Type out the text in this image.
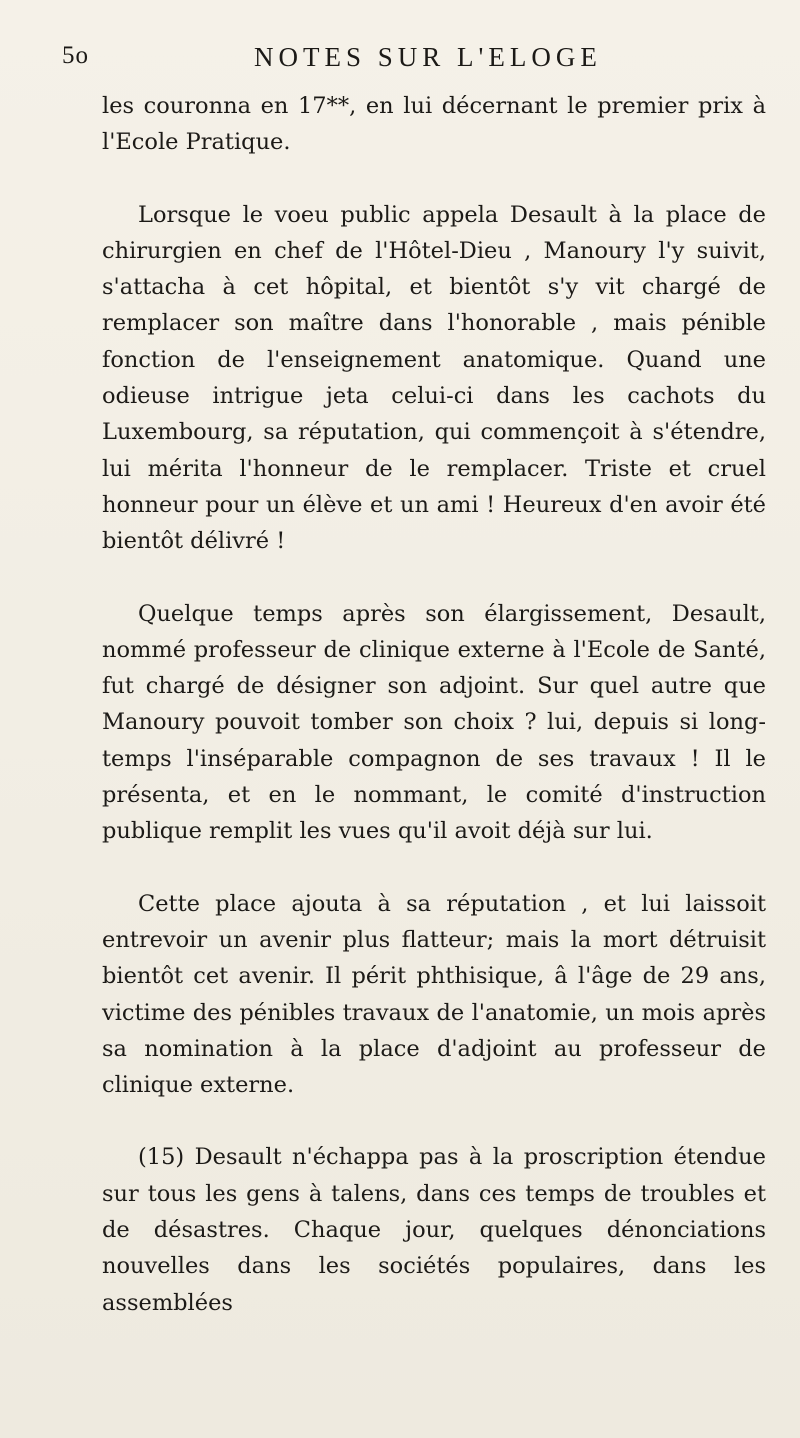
5o	NOTES SUR L'ELOGE

les couronna en 17**, en lui décernant le premier prix à l'Ecole Pratique.

Lorsque le voeu public appela Desault à la place de chirurgien en chef de l'Hôtel-Dieu , Manoury l'y suivit, s'attacha à cet hôpital, et bientôt s'y vit chargé de remplacer son maître dans l'honorable , mais pénible fonction de l'enseignement anatomique. Quand une odieuse intrigue jeta celui-ci dans les cachots du Luxembourg, sa réputation, qui commençoit à s'étendre, lui mérita l'honneur de le remplacer. Triste et cruel honneur pour un élève et un ami ! Heureux d'en avoir été bientôt délivré !

Quelque temps après son élargissement, Desault, nommé professeur de clinique externe à l'Ecole de Santé, fut chargé de désigner son adjoint. Sur quel autre que Manoury pouvoit tomber son choix ? lui, depuis si long-temps l'inséparable compagnon de ses travaux ! Il le présenta, et en le nommant, le comité d'instruction publique remplit les vues qu'il avoit déjà sur lui.

Cette place ajouta à sa réputation , et lui laissoit entrevoir un avenir plus flatteur; mais la mort détruisit bientôt cet avenir. Il périt phthisique, â l'âge de 29 ans, victime des pénibles travaux de l'anatomie, un mois après sa nomination à la place d'adjoint au professeur de clinique externe.

(15) Desault n'échappa pas à la proscription étendue sur tous les gens à talens, dans ces temps de troubles et de désastres. Chaque jour, quelques dénonciations nouvelles dans les sociétés populaires, dans les assemblées
